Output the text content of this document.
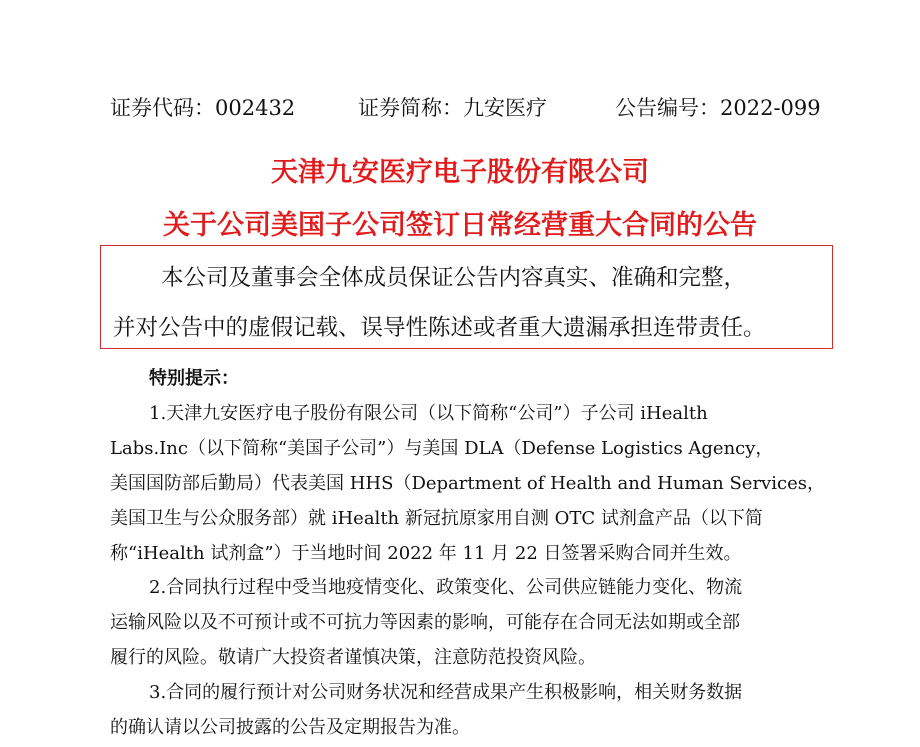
证券代码：002432	证券简称：九安医疗	公告编号：2022-099
天津九安医疗电子股份有限公司
关于公司美国子公司签订日常经营重大合同的公告
本公司及董事会全体成员保证公告内容真实、准确和完整，
并对公告中的虚假记载、误导性陈述或者重大遗漏承担连带责任。
特别提示：
1.天津九安医疗电子股份有限公司（以下简称“公司”）子公司 iHealth
Labs.Inc（以下简称“美国子公司”）与美国 DLA（Defense Logistics Agency，
美国国防部后勤局）代表美国 HHS（Department of Health and Human Services，
美国卫生与公众服务部）就 iHealth 新冠抗原家用自测 OTC 试剂盒产品（以下简
称“iHealth 试剂盒”）于当地时间 2022 年 11 月 22 日签署采购合同并生效。
2.合同执行过程中受当地疫情变化、政策变化、公司供应链能力变化、物流
运输风险以及不可预计或不可抗力等因素的影响，可能存在合同无法如期或全部
履行的风险。敬请广大投资者谨慎决策，注意防范投资风险。
3.合同的履行预计对公司财务状况和经营成果产生积极影响，相关财务数据
的确认请以公司披露的公告及定期报告为准。
